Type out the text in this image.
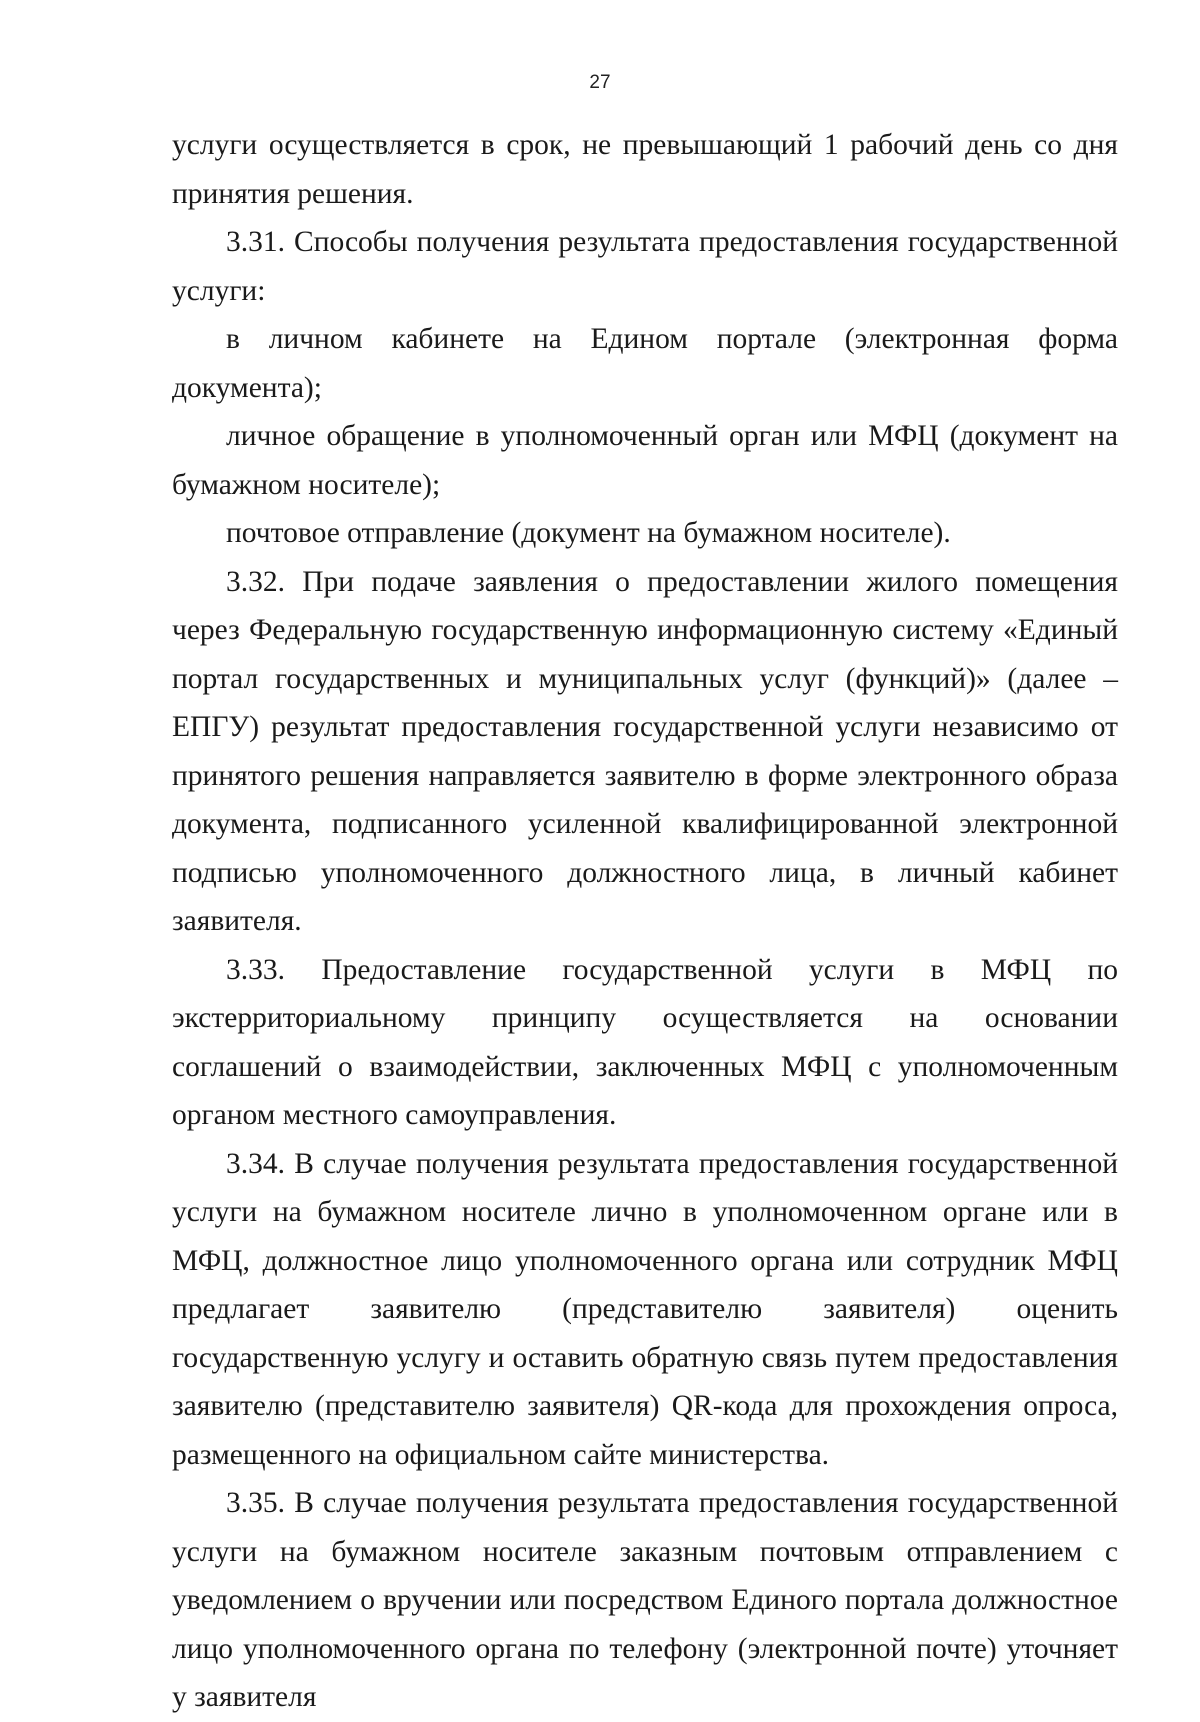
27

услуги осуществляется в срок, не превышающий 1 рабочий день со дня принятия решения.

3.31. Способы получения результата предоставления государственной услуги:

в личном кабинете на Едином портале (электронная форма документа);

личное обращение в уполномоченный орган или МФЦ (документ на бумажном носителе);

почтовое отправление (документ на бумажном носителе).

3.32. При подаче заявления о предоставлении жилого помещения через Федеральную государственную информационную систему «Единый портал государственных и муниципальных услуг (функций)» (далее – ЕПГУ) результат предоставления государственной услуги независимо от принятого решения направляется заявителю в форме электронного образа документа, подписанного усиленной квалифицированной электронной подписью уполномоченного должностного лица, в личный кабинет заявителя.

3.33. Предоставление государственной услуги в МФЦ по экстерриториальному принципу осуществляется на основании соглашений о взаимодействии, заключенных МФЦ с уполномоченным органом местного самоуправления.

3.34. В случае получения результата предоставления государственной услуги на бумажном носителе лично в уполномоченном органе или в МФЦ, должностное лицо уполномоченного органа или сотрудник МФЦ предлагает заявителю (представителю заявителя) оценить государственную услугу и оставить обратную связь путем предоставления заявителю (представителю заявителя) QR-кода для прохождения опроса, размещенного на официальном сайте министерства.

3.35. В случае получения результата предоставления государственной услуги на бумажном носителе заказным почтовым отправлением с уведомлением о вручении или посредством Единого портала должностное лицо уполномоченного органа по телефону (электронной почте) уточняет у заявителя
